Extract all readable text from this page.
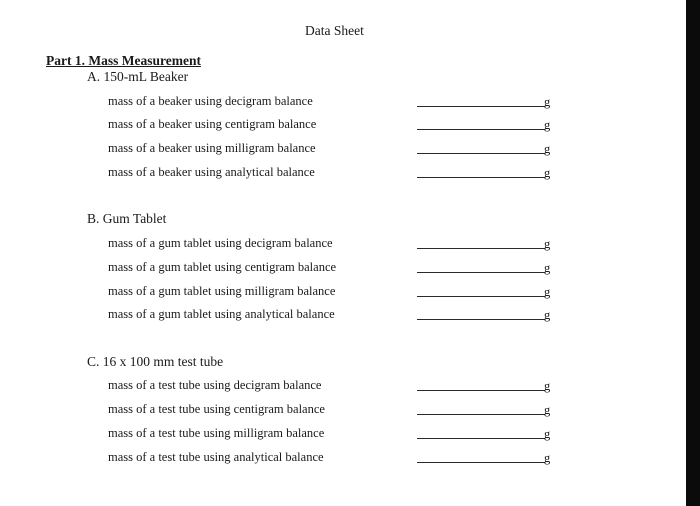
Data Sheet
Part 1. Mass Measurement
A. 150-mL Beaker
mass of a beaker using decigram balance	g
mass of a beaker using centigram balance	g
mass of a beaker using milligram balance	g
mass of a beaker using analytical balance	g
B. Gum Tablet
mass of a gum tablet using decigram balance	g
mass of a gum tablet using centigram balance	g
mass of a gum tablet using milligram balance	g
mass of a gum tablet using analytical balance	g
C. 16 x 100 mm test tube
mass of a test tube using decigram balance	g
mass of a test tube using centigram balance	g
mass of a test tube using milligram balance	g
mass of a test tube using analytical balance	g
